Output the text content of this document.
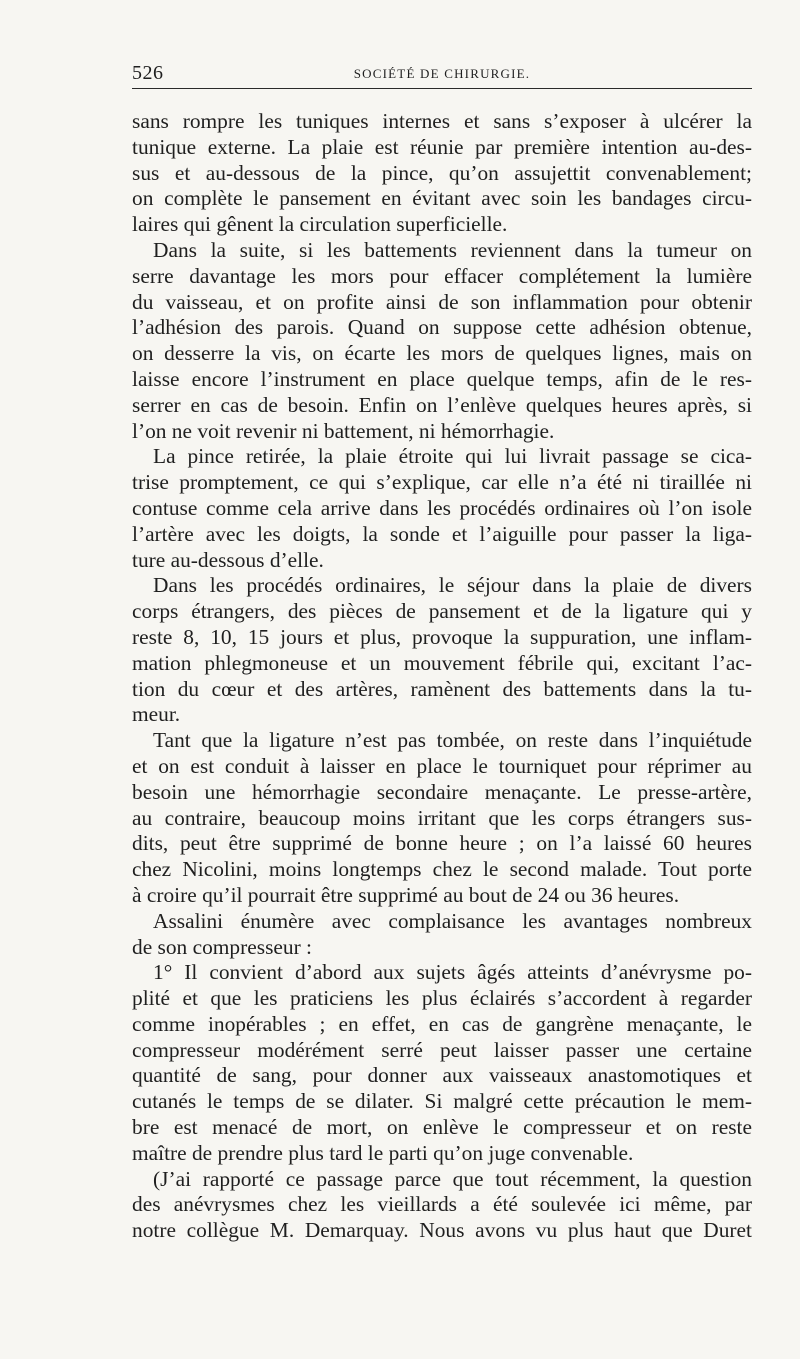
526	SOCIÉTÉ DE CHIRURGIE.
sans rompre les tuniques internes et sans s’exposer à ulcérer la
tunique externe. La plaie est réunie par première intention au-des-
sus et au-dessous de la pince, qu’on assujettit convenablement;
on complète le pansement en évitant avec soin les bandages circu-
laires qui gênent la circulation superficielle.
Dans la suite, si les battements reviennent dans la tumeur on
serre davantage les mors pour effacer complétement la lumière
du vaisseau, et on profite ainsi de son inflammation pour obtenir
l’adhésion des parois. Quand on suppose cette adhésion obtenue,
on desserre la vis, on écarte les mors de quelques lignes, mais on
laisse encore l’instrument en place quelque temps, afin de le res-
serrer en cas de besoin. Enfin on l’enlève quelques heures après, si
l’on ne voit revenir ni battement, ni hémorrhagie.
La pince retirée, la plaie étroite qui lui livrait passage se cica-
trise promptement, ce qui s’explique, car elle n’a été ni tiraillée ni
contuse comme cela arrive dans les procédés ordinaires où l’on isole
l’artère avec les doigts, la sonde et l’aiguille pour passer la liga-
ture au-dessous d’elle.
Dans les procédés ordinaires, le séjour dans la plaie de divers
corps étrangers, des pièces de pansement et de la ligature qui y
reste 8, 10, 15 jours et plus, provoque la suppuration, une inflam-
mation phlegmoneuse et un mouvement fébrile qui, excitant l’ac-
tion du cœur et des artères, ramènent des battements dans la tu-
meur.
Tant que la ligature n’est pas tombée, on reste dans l’inquiétude
et on est conduit à laisser en place le tourniquet pour réprimer au
besoin une hémorrhagie secondaire menaçante. Le presse-artère,
au contraire, beaucoup moins irritant que les corps étrangers sus-
dits, peut être supprimé de bonne heure ; on l’a laissé 60 heures
chez Nicolini, moins longtemps chez le second malade. Tout porte
à croire qu’il pourrait être supprimé au bout de 24 ou 36 heures.
Assalini énumère avec complaisance les avantages nombreux
de son compresseur :
1° Il convient d’abord aux sujets âgés atteints d’anévrysme po-
plité et que les praticiens les plus éclairés s’accordent à regarder
comme inopérables ; en effet, en cas de gangrène menaçante, le
compresseur modérément serré peut laisser passer une certaine
quantité de sang, pour donner aux vaisseaux anastomotiques et
cutanés le temps de se dilater. Si malgré cette précaution le mem-
bre est menacé de mort, on enlève le compresseur et on reste
maître de prendre plus tard le parti qu’on juge convenable.
(J’ai rapporté ce passage parce que tout récemment, la question
des anévrysmes chez les vieillards a été soulevée ici même, par
notre collègue M. Demarquay. Nous avons vu plus haut que Duret
